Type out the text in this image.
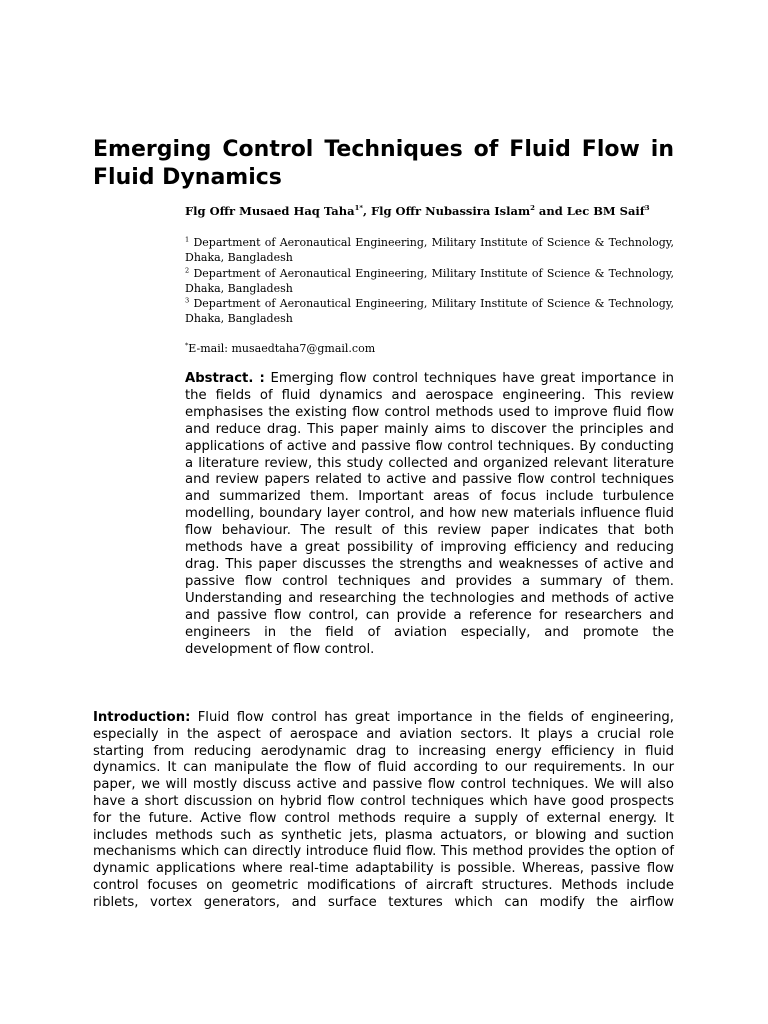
Emerging Control Techniques of Fluid Flow in Fluid Dynamics
Flg Offr Musaed Haq Taha$^{1*}$, Flg Offr Nubassira Islam$^2$ and Lec BM Saif$^3$

$^1$ Department of Aeronautical Engineering, Military Institute of Science & Technology, Dhaka, Bangladesh

$^2$ Department of Aeronautical Engineering, Military Institute of Science & Technology, Dhaka, Bangladesh

$^3$ Department of Aeronautical Engineering, Military Institute of Science & Technology, Dhaka, Bangladesh

*E-mail: musaedtaha7@gmail.com

Abstract. : Emerging flow control techniques have great importance in the fields of fluid dynamics and aerospace engineering. This review emphasises the existing flow control methods used to improve fluid flow and reduce drag. This paper mainly aims to discover the principles and applications of active and passive flow control techniques. By conducting a literature review, this study collected and organized relevant literature and review papers related to active and passive flow control techniques and summarized them. Important areas of focus include turbulence modelling, boundary layer control, and how new materials influence fluid flow behaviour. The result of this review paper indicates that both methods have a great possibility of improving efficiency and reducing drag. This paper discusses the strengths and weaknesses of active and passive flow control techniques and provides a summary of them. Understanding and researching the technologies and methods of active and passive flow control, can provide a reference for researchers and engineers in the field of aviation especially, and promote the development of flow control.

Introduction: Fluid flow control has great importance in the fields of engineering, especially in the aspect of aerospace and aviation sectors. It plays a crucial role starting from reducing aerodynamic drag to increasing energy efficiency in fluid dynamics. It can manipulate the flow of fluid according to our requirements. In our paper, we will mostly discuss active and passive flow control techniques. We will also have a short discussion on hybrid flow control techniques which have good prospects for the future. Active flow control methods require a supply of external energy. It includes methods such as synthetic jets, plasma actuators, or blowing and suction mechanisms which can directly introduce fluid flow. This method provides the option of dynamic applications where real-time adaptability is possible. Whereas, passive flow control focuses on geometric modifications of aircraft structures. Methods include riblets, vortex generators, and surface textures which can modify the airflow
